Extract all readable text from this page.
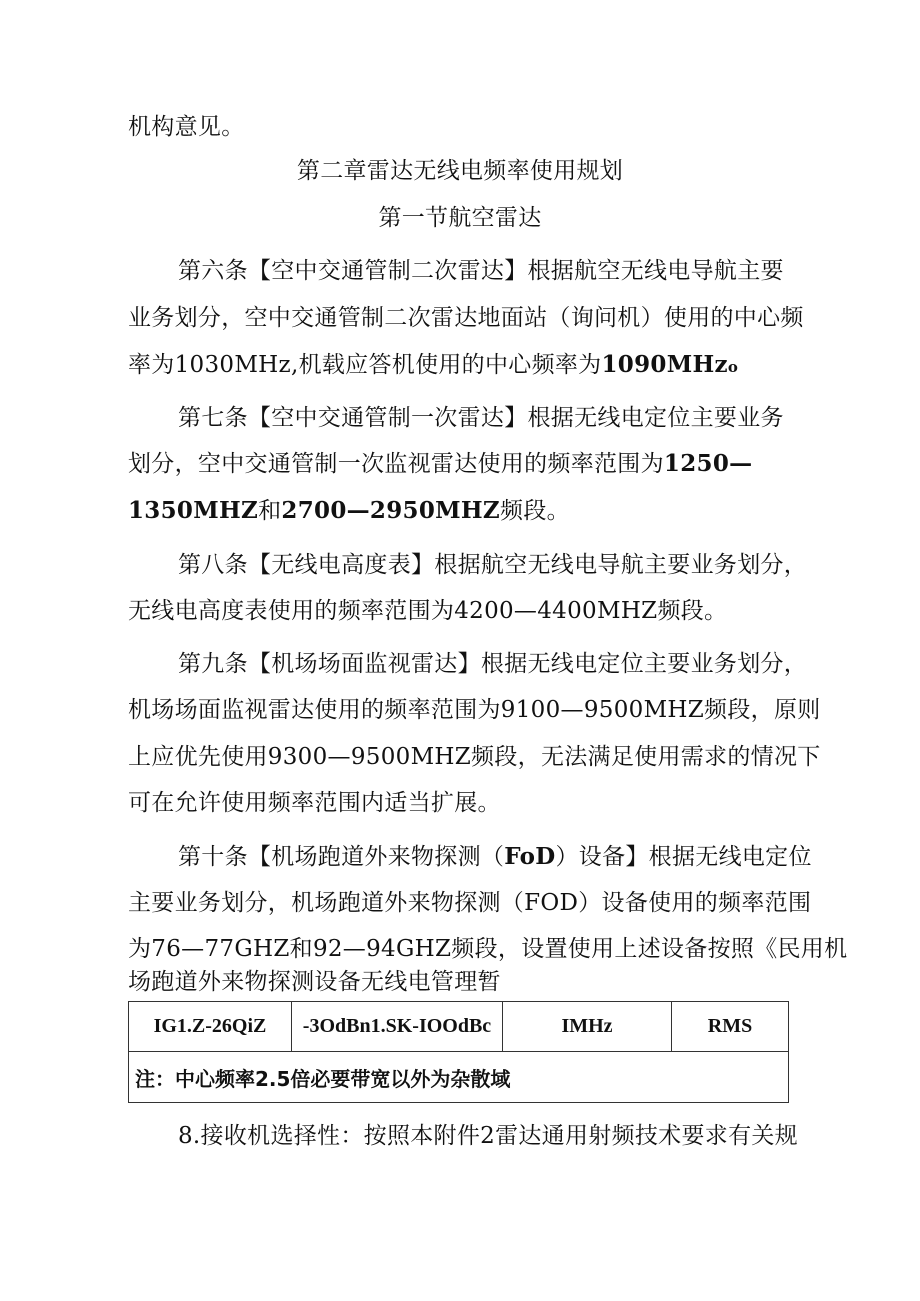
机构意见。
第二章雷达无线电频率使用规划
第一节航空雷达
第六条【空中交通管制二次雷达】根据航空无线电导航主要
业务划分，空中交通管制二次雷达地面站（询问机）使用的中心频
率为1030MHz,机载应答机使用的中心频率为1090MHzo
第七条【空中交通管制一次雷达】根据无线电定位主要业务
划分，空中交通管制一次监视雷达使用的频率范围为1250—
1350MHZ和2700—2950MHZ频段。
第八条【无线电高度表】根据航空无线电导航主要业务划分，
无线电高度表使用的频率范围为4200—4400MHZ频段。
第九条【机场场面监视雷达】根据无线电定位主要业务划分，
机场场面监视雷达使用的频率范围为9100—9500MHZ频段，原则
上应优先使用9300—9500MHZ频段，无法满足使用需求的情况下
可在允许使用频率范围内适当扩展。
第十条【机场跑道外来物探测（FoD）设备】根据无线电定位
主要业务划分，机场跑道外来物探测（FOD）设备使用的频率范围
为76—77GHZ和92—94GHZ频段，设置使用上述设备按照《民用机
场跑道外来物探测设备无线电管理暂
IG1.Z-26QiZ	-3OdBn1.SK-IOOdBc	IMHz	RMS
注：中心频率2.5倍必要带宽以外为杂散域
8.接收机选择性：按照本附件2雷达通用射频技术要求有关规
